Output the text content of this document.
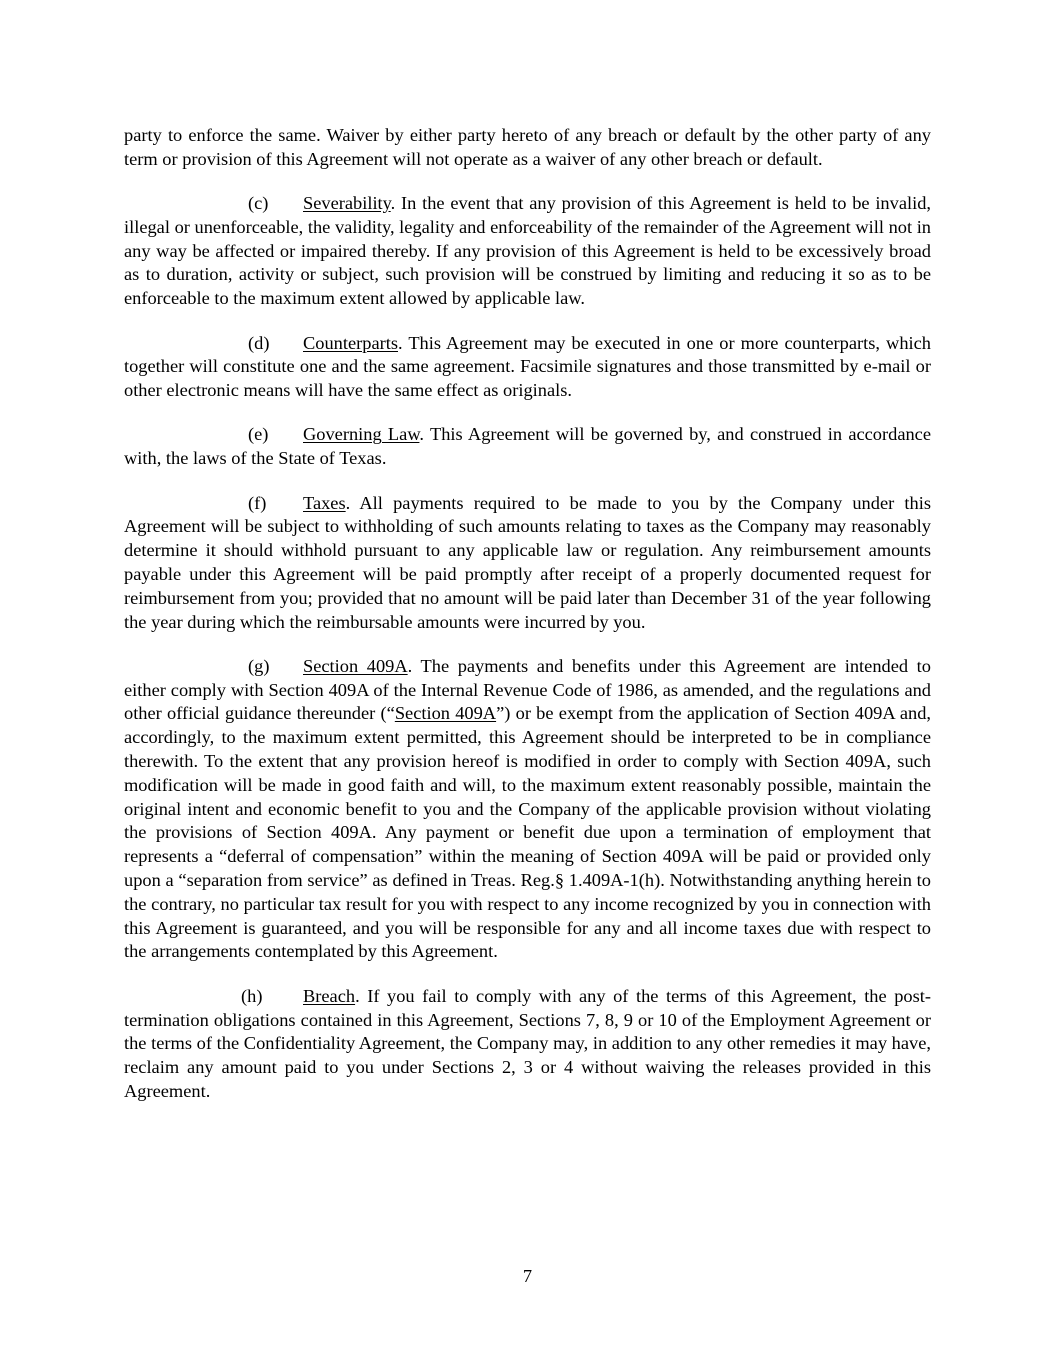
party to enforce the same. Waiver by either party hereto of any breach or default by the other party of any term or provision of this Agreement will not operate as a waiver of any other breach or default.

(c) Severability. In the event that any provision of this Agreement is held to be invalid, illegal or unenforceable, the validity, legality and enforceability of the remainder of the Agreement will not in any way be affected or impaired thereby. If any provision of this Agreement is held to be excessively broad as to duration, activity or subject, such provision will be construed by limiting and reducing it so as to be enforceable to the maximum extent allowed by applicable law.

(d) Counterparts. This Agreement may be executed in one or more counterparts, which together will constitute one and the same agreement. Facsimile signatures and those transmitted by e-mail or other electronic means will have the same effect as originals.

(e) Governing Law. This Agreement will be governed by, and construed in accordance with, the laws of the State of Texas.

(f) Taxes. All payments required to be made to you by the Company under this Agreement will be subject to withholding of such amounts relating to taxes as the Company may reasonably determine it should withhold pursuant to any applicable law or regulation. Any reimbursement amounts payable under this Agreement will be paid promptly after receipt of a properly documented request for reimbursement from you; provided that no amount will be paid later than December 31 of the year following the year during which the reimbursable amounts were incurred by you.

(g) Section 409A. The payments and benefits under this Agreement are intended to either comply with Section 409A of the Internal Revenue Code of 1986, as amended, and the regulations and other official guidance thereunder (“Section 409A”) or be exempt from the application of Section 409A and, accordingly, to the maximum extent permitted, this Agreement should be interpreted to be in compliance therewith. To the extent that any provision hereof is modified in order to comply with Section 409A, such modification will be made in good faith and will, to the maximum extent reasonably possible, maintain the original intent and economic benefit to you and the Company of the applicable provision without violating the provisions of Section 409A. Any payment or benefit due upon a termination of employment that represents a “deferral of compensation” within the meaning of Section 409A will be paid or provided only upon a “separation from service” as defined in Treas. Reg.§ 1.409A-1(h). Notwithstanding anything herein to the contrary, no particular tax result for you with respect to any income recognized by you in connection with this Agreement is guaranteed, and you will be responsible for any and all income taxes due with respect to the arrangements contemplated by this Agreement.

(h) Breach. If you fail to comply with any of the terms of this Agreement, the post-termination obligations contained in this Agreement, Sections 7, 8, 9 or 10 of the Employment Agreement or the terms of the Confidentiality Agreement, the Company may, in addition to any other remedies it may have, reclaim any amount paid to you under Sections 2, 3 or 4 without waiving the releases provided in this Agreement.

7
